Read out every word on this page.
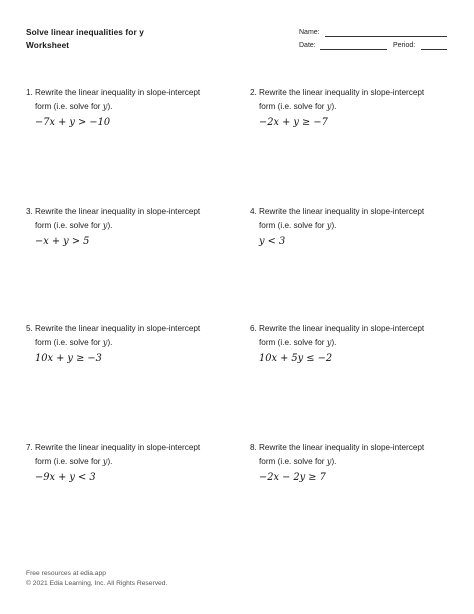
Solve linear inequalities for y
Worksheet
Name:
Date:	Period:
1. Rewrite the linear inequality in slope-intercept
form (i.e. solve for y).
−7x + y > −10
2. Rewrite the linear inequality in slope-intercept
form (i.e. solve for y).
−2x + y ≥ −7
3. Rewrite the linear inequality in slope-intercept
form (i.e. solve for y).
−x + y > 5
4. Rewrite the linear inequality in slope-intercept
form (i.e. solve for y).
y < 3
5. Rewrite the linear inequality in slope-intercept
form (i.e. solve for y).
10x + y ≥ −3
6. Rewrite the linear inequality in slope-intercept
form (i.e. solve for y).
10x + 5y ≤ −2
7. Rewrite the linear inequality in slope-intercept
form (i.e. solve for y).
−9x + y < 3
8. Rewrite the linear inequality in slope-intercept
form (i.e. solve for y).
−2x − 2y ≥ 7
Free resources at edia.app
© 2021 Edia Learning, Inc. All Rights Reserved.
